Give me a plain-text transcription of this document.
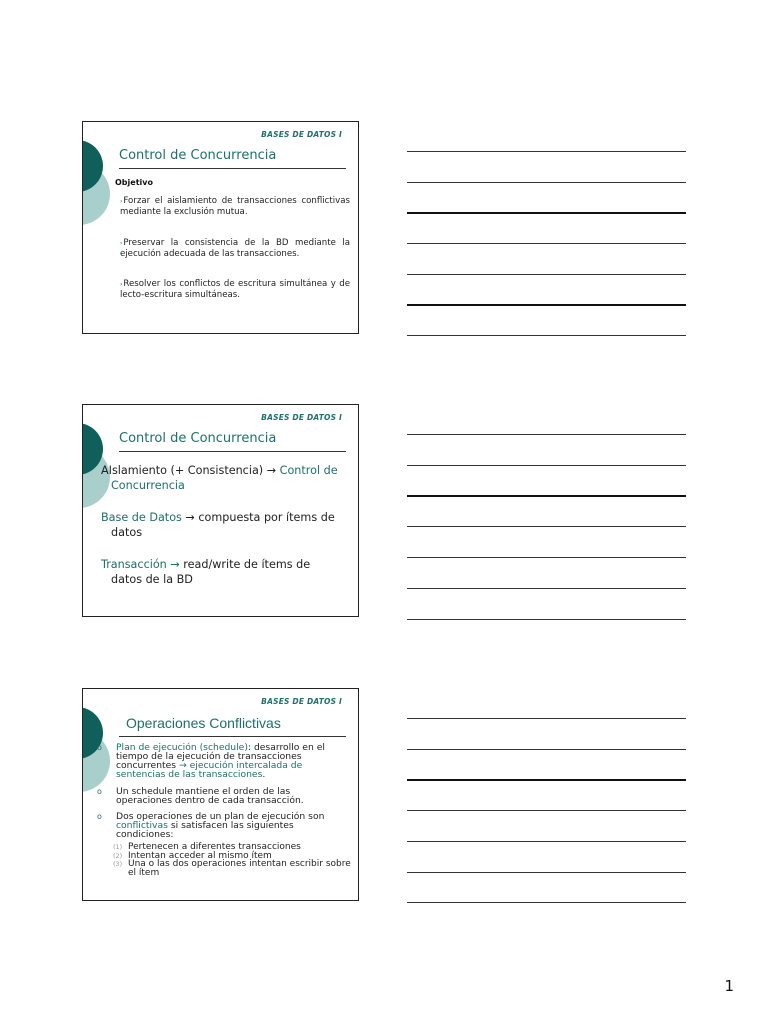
BASES DE DATOS I
Control de Concurrencia
Objetivo
›Forzar el aislamiento de transacciones conflictivas mediante la exclusión mutua.
›Preservar la consistencia de la BD mediante la ejecución adecuada de las transacciones.
›Resolver los conflictos de escritura simultánea y de lecto-escritura simultáneas.
BASES DE DATOS I
Control de Concurrencia
AIslamiento (+ Consistencia) → Control de
Concurrencia
Base de Datos → compuesta por ítems de
datos
Transacción → read/write de ítems de
datos de la BD
BASES DE DATOS I
Operaciones Conflictivas
o	Plan de ejecución (schedule): desarrollo en el
tiempo de la ejecución de transacciones
concurrentes → ejecución intercalada de
sentencias de las transacciones.
o	Un schedule mantiene el orden de las
operaciones dentro de cada transacción.
o	Dos operaciones de un plan de ejecución son
conflictivas si satisfacen las siguientes
condiciones:
(1) Pertenecen a diferentes transacciones
(2) Intentan acceder al mismo ítem
(3) Una o las dos operaciones intentan escribir sobre
el ítem
1
